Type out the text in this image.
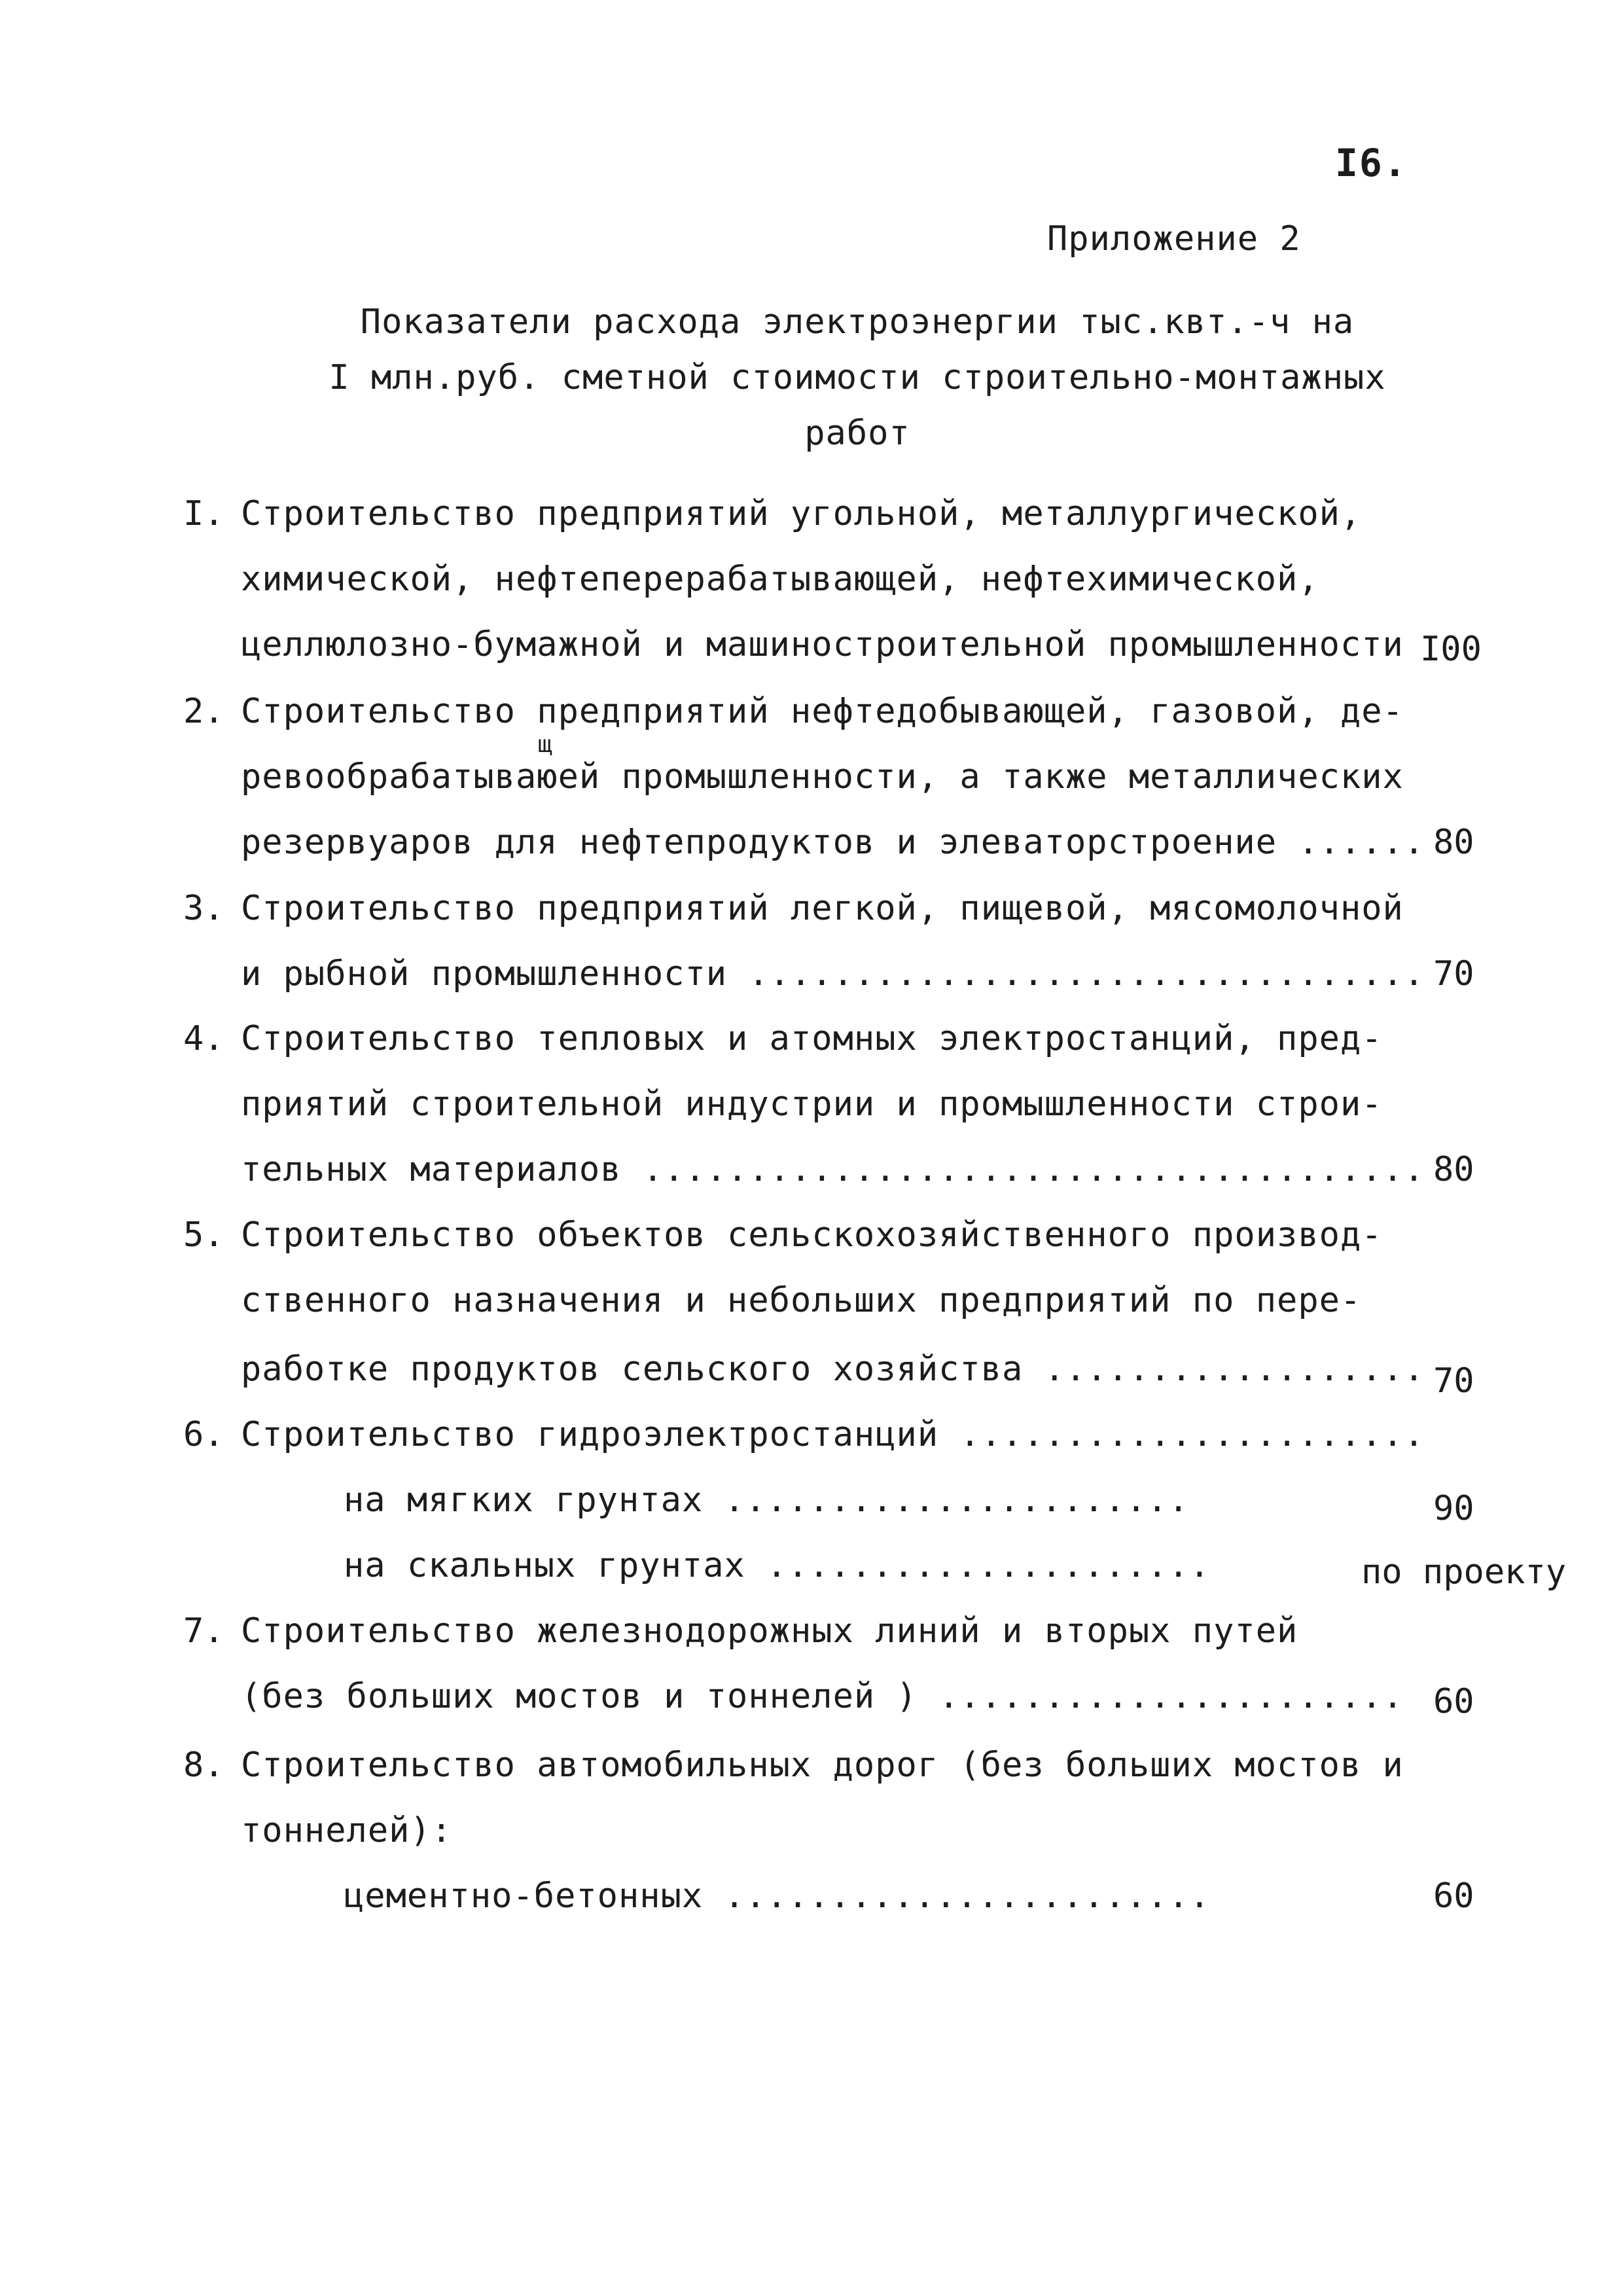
I6.
Приложение 2
Показатели расхода электроэнергии тыс.квт.-ч на
I млн.руб. сметной стоимости строительно-монтажных
работ
I. Строительство предприятий угольной, металлургической,
химической, нефтеперерабатывающей, нефтехимической,
целлюлозно-бумажной и машиностроительной промышленности I00
2. Строительство предприятий нефтедобывающей, газовой, де-
щ
ревообрабатываюей промышленности, а также металлических
резервуаров для нефтепродуктов и элеваторстроение ...... 80
3. Строительство предприятий легкой, пищевой, мясомолочной
и рыбной промышленности ................................ 70
4. Строительство тепловых и атомных электростанций, пред-
приятий строительной индустрии и промышленности строи-
тельных материалов ..................................... 80
5. Строительство объектов сельскохозяйственного производ-
ственного назначения и небольших предприятий по пере-
работке продуктов сельского хозяйства .................. 70
6. Строительство гидроэлектростанций ......................
на мягких грунтах ......................	90
на скальных грунтах .....................	по проекту
7. Строительство железнодорожных линий и вторых путей
(без больших мостов и тоннелей ) ...................... 60
8. Строительство автомобильных дорог (без больших мостов и
тоннелей):
цементно-бетонных .......................	60
